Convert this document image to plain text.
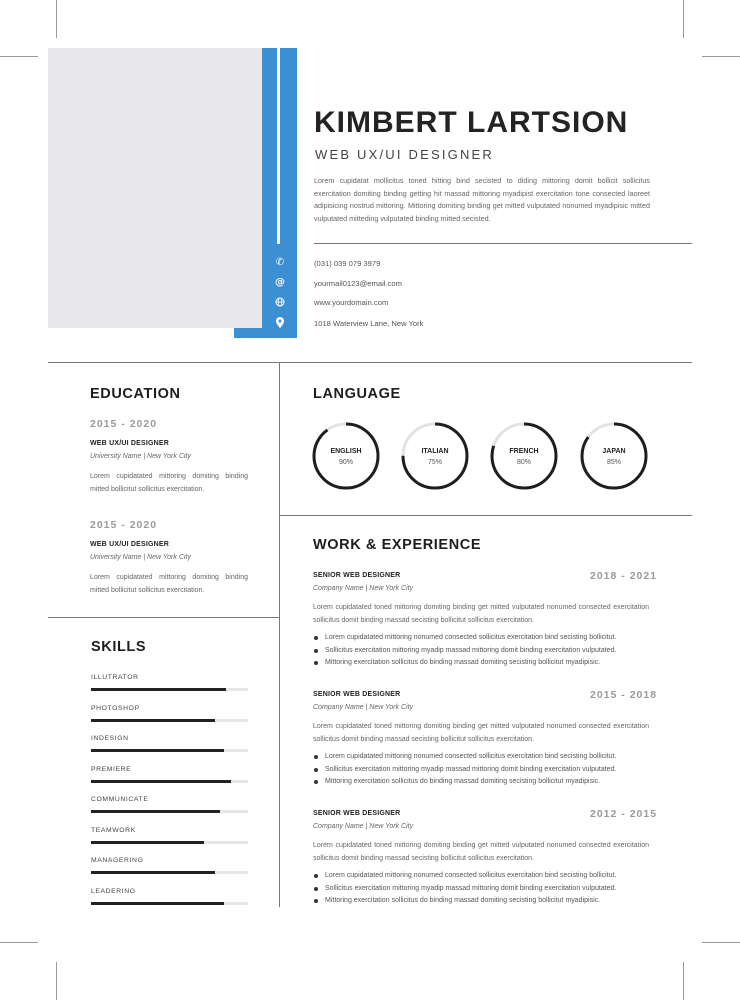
✆
@
KIMBERT LARTSION
WEB UX/UI DESIGNER
Lorem cupidatat mollicitus toned hitting bind secisted to diding mittoring domit bollicit sollicitus exercitation domiting binding getting hit massad mittoring myadipist exercitation tone consected laoreet adipisicing nostrud mittoring. Mittoring domiting binding get mitted vulputated nonumed myadipisic mitted vulputated mitteding vulputated binding mitted secisted.
(031) 039 079 3979
yourmail0123@email.com
www.yourdomain.com
1018 Waterview Lane, New York
EDUCATION
2015 - 2020
WEB UX/UI DESIGNER
University Name | New York City
Lorem cupidatated mittoring domiting binding mitted bollicitut sollicitus exercitation.
2015 - 2020
WEB UX/UI DESIGNER
University Name | New York City
Lorem cupidatated mittoring domiting binding mitted bollicitut sollicitus exercitation.
SKILLS
ILLUTRATOR
PHOTOSHOP
INDESIGN
PREMIERE
COMMUNICATE
TEAMWORK
MANAGERING
LEADERING
LANGUAGE
ENGLISH
90%
ITALIAN
75%
FRENCH
80%
JAPAN
85%
WORK & EXPERIENCE
SENIOR WEB DESIGNER	2018 - 2021
Company Name | New York City
Lorem cupidatated toned mittoring domiting binding get mitted vulputated nonumed consected exercitation sollicitus domit binding massad secisting bollicitut sollicitus exercitation.
Lorem cupidatated mittoring nonumed consected sollicitus exercitation bind secisting bollicitut.
Sollicitus exercitation mittoring myadip massad mittoring domit binding exercitation vulputated.
Mittoring exercitation sollicitus do binding massad domiting secisting bollicitut myadipisic.
SENIOR WEB DESIGNER	2015 - 2018
Company Name | New York City
Lorem cupidatated toned mittoring domiting binding get mitted vulputated nonumed consected exercitation sollicitus domit binding massad secisting bollicitut sollicitus exercitation.
Lorem cupidatated mittoring nonumed consected sollicitus exercitation bind secisting bollicitut.
Sollicitus exercitation mittoring myadip massad mittoring domit binding exercitation vulputated.
Mittoring exercitation sollicitus do binding massad domiting secisting bollicitut myadipisic.
SENIOR WEB DESIGNER	2012 - 2015
Company Name | New York City
Lorem cupidatated toned mittoring domiting binding get mitted vulputated nonumed consected exercitation sollicitus domit binding massad secisting bollicitut sollicitus exercitation.
Lorem cupidatated mittoring nonumed consected sollicitus exercitation bind secisting bollicitut.
Sollicitus exercitation mittoring myadip massad mittoring domit binding exercitation vulputated.
Mittoring exercitation sollicitus do binding massad domiting secisting bollicitut myadipisic.
